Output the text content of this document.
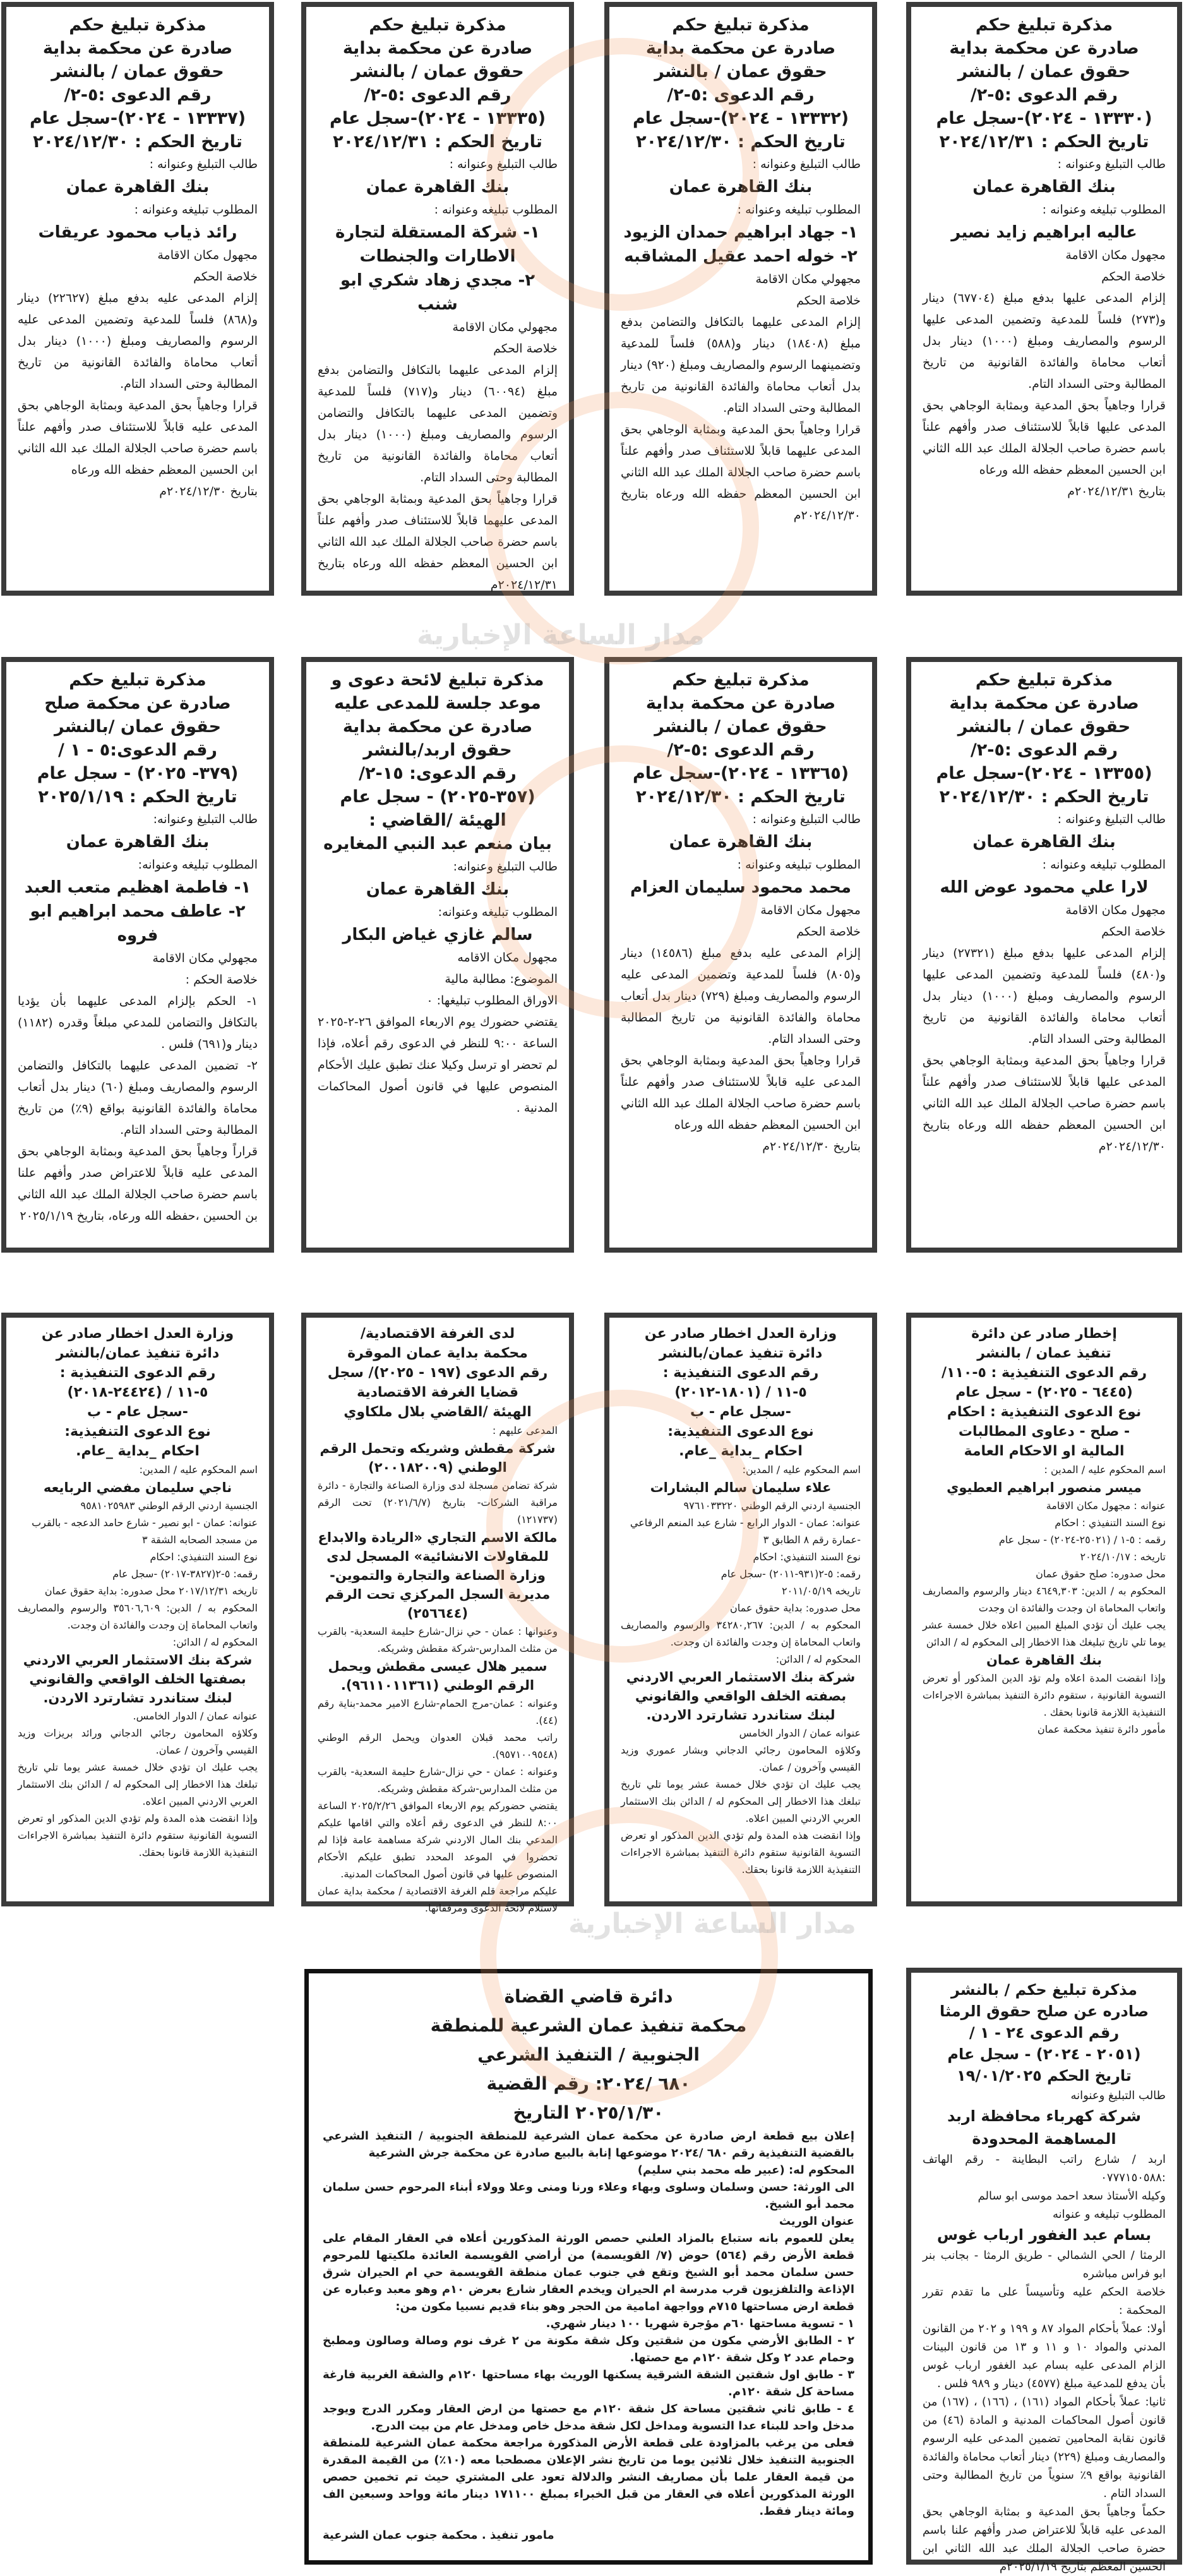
مذكرة تبليغ حكم
صادرة عن محكمة بداية
حقوق عمان / بالنشر
رقم الدعوى :٥-٢/
(١٣٣٣٠ - ٢٠٢٤)-سجل عام
تاريخ الحكم : ٢٠٢٤/١٢/٣١
طالب التبليغ وعنوانه :
بنك القاهرة عمان
المطلوب تبليغه وعنوانه :
عاليه ابراهيم زايد نصير
مجهول مكان الاقامة
خلاصة الحكم
إلزام المدعى عليها بدفع مبلغ (٦٧٧٠٤) دينار و(٢٧٣) فلساً للمدعية وتضمين المدعى عليها الرسوم والمصاريف ومبلغ (١٠٠٠) دينار بدل أتعاب محاماة والفائدة القانونية من تاريخ المطالبة وحتى السداد التام.
قرارا وجاهياً بحق المدعية وبمثابة الوجاهي بحق المدعى عليها قابلاً للاستئناف صدر وأفهم علناً باسم حضرة صاحب الجلالة الملك عبد الله الثاني ابن الحسين المعظم حفظه الله ورعاه
بتاريخ ٢٠٢٤/١٢/٣١م
مذكرة تبليغ حكم
صادرة عن محكمة بداية
حقوق عمان / بالنشر
رقم الدعوى :٥-٢/
(١٣٣٣٢ - ٢٠٢٤)-سجل عام
تاريخ الحكم : ٢٠٢٤/١٢/٣٠
طالب التبليغ وعنوانه :
بنك القاهرة عمان
المطلوب تبليغه وعنوانه :
١- جهاد ابراهيم حمدان الزيود
٢- خوله احمد عقيل المشاقبه
مجهولي مكان الاقامة
خلاصة الحكم
إلزام المدعى عليهما بالتكافل والتضامن بدفع مبلغ (١٨٤٠٨) دينار و(٥٨٨) فلساً للمدعية وتضمينهما الرسوم والمصاريف ومبلغ (٩٢٠) دينار بدل أتعاب محاماة والفائدة القانونية من تاريخ المطالبة وحتى السداد التام.
قرارا وجاهياً بحق المدعية وبمثابة الوجاهي بحق المدعى عليهما قابلاً للاستئناف صدر وأفهم علناً باسم حضرة صاحب الجلالة الملك عبد الله الثاني ابن الحسين المعظم حفظه الله ورعاه بتاريخ ٢٠٢٤/١٢/٣٠م
مذكرة تبليغ حكم
صادرة عن محكمة بداية
حقوق عمان / بالنشر
رقم الدعوى :٥-٢/
(١٣٣٣٥ - ٢٠٢٤)-سجل عام
تاريخ الحكم : ٢٠٢٤/١٢/٣١
طالب التبليغ وعنوانه :
بنك القاهرة عمان
المطلوب تبليغه وعنوانه :
١- شركة المستقلة لتجارة الاطارات والجنطات
٢- مجدي زهاد شكري ابو شنب
مجهولي مكان الاقامة
خلاصة الحكم
إلزام المدعى عليهما بالتكافل والتضامن بدفع مبلغ (٦٠٠٩٤) دينار و(٧١٧) فلساً للمدعية وتضمين المدعى عليهما بالتكافل والتضامن الرسوم والمصاريف ومبلغ (١٠٠٠) دينار بدل أتعاب محاماة والفائدة القانونية من تاريخ المطالبة وحتى السداد التام.
قرارا وجاهياً بحق المدعية وبمثابة الوجاهي بحق المدعى عليهما قابلاً للاستئناف صدر وأفهم علناً باسم حضرة صاحب الجلالة الملك عبد الله الثاني ابن الحسين المعظم حفظه الله ورعاه بتاريخ ٢٠٢٤/١٢/٣١م
مذكرة تبليغ حكم
صادرة عن محكمة بداية
حقوق عمان / بالنشر
رقم الدعوى :٥-٢/
(١٣٣٣٧ - ٢٠٢٤)-سجل عام
تاريخ الحكم : ٢٠٢٤/١٢/٣٠
طالب التبليغ وعنوانه :
بنك القاهرة عمان
المطلوب تبليغه وعنوانه :
رائد ذياب محمود عريقات
مجهول مكان الاقامة
خلاصة الحكم
إلزام المدعى عليه بدفع مبلغ (٢٢٦٢٧) دينار و(٨٦٨) فلساً للمدعية وتضمين المدعى عليه الرسوم والمصاريف ومبلغ (١٠٠٠) دينار بدل أتعاب محاماة والفائدة القانونية من تاريخ المطالبة وحتى السداد التام.
قرارا وجاهياً بحق المدعية وبمثابة الوجاهي بحق المدعى عليه قابلاً للاستئناف صدر وأفهم علناً باسم حضرة صاحب الجلالة الملك عبد الله الثاني ابن الحسين المعظم حفظه الله ورعاه
بتاريخ ٢٠٢٤/١٢/٣٠م
مذكرة تبليغ حكم
صادرة عن محكمة بداية
حقوق عمان / بالنشر
رقم الدعوى :٥-٢/
(١٣٣٥٥ - ٢٠٢٤)-سجل عام
تاريخ الحكم : ٢٠٢٤/١٢/٣٠
طالب التبليغ وعنوانه :
بنك القاهرة عمان
المطلوب تبليغه وعنوانه :
لارا علي محمود عوض الله
مجهول مكان الاقامة
خلاصة الحكم
إلزام المدعى عليها بدفع مبلغ (٢٧٣٢١) دينار و(٤٨٠) فلساً للمدعية وتضمين المدعى عليها الرسوم والمصاريف ومبلغ (١٠٠٠) دينار بدل أتعاب محاماة والفائدة القانونية من تاريخ المطالبة وحتى السداد التام.
قرارا وجاهياً بحق المدعية وبمثابة الوجاهي بحق المدعى عليها قابلاً للاستئناف صدر وأفهم علناً باسم حضرة صاحب الجلالة الملك عبد الله الثاني ابن الحسين المعظم حفظه الله ورعاه بتاريخ ٢٠٢٤/١٢/٣٠م
مذكرة تبليغ حكم
صادرة عن محكمة بداية
حقوق عمان / بالنشر
رقم الدعوى :٥-٢/
(١٣٣٦٥ - ٢٠٢٤)-سجل عام
تاريخ الحكم : ٢٠٢٤/١٢/٣٠
طالب التبليغ وعنوانه :
بنك القاهرة عمان
المطلوب تبليغه وعنوانه :
محمد محمود سليمان العزام
مجهول مكان الاقامة
خلاصة الحكم
إلزام المدعى عليه بدفع مبلغ (١٤٥٨٦) دينار و(٨٠٥) فلساً للمدعية وتضمين المدعى عليه الرسوم والمصاريف ومبلغ (٧٢٩) دينار بدل أتعاب محاماة والفائدة القانونية من تاريخ المطالبة وحتى السداد التام.
قرارا وجاهياً بحق المدعية وبمثابة الوجاهي بحق المدعى عليه قابلاً للاستئناف صدر وأفهم علناً باسم حضرة صاحب الجلالة الملك عبد الله الثاني ابن الحسين المعظم حفظه الله ورعاه
بتاريخ ٢٠٢٤/١٢/٣٠م
مذكرة تبليغ لائحة دعوى و
موعد جلسة للمدعى عليه
صادرة عن محكمة بداية
حقوق اربد/بالنشر
رقم الدعوى: ١٥-٢/
(٣٥٧-٢٠٢٥) - سجل عام
الهيئة /القاضي :
بيان منعم عبد النبي المغايره
طالب التبليغ وعنوانه:
بنك القاهرة عمان
المطلوب تبليغه وعنوانه:
سالم غازي غياض البكار
مجهول مكان الاقامه
الموضوع: مطالبة مالية
الاوراق المطلوب تبليغها: ٠
يقتضي حضورك يوم الاربعاء الموافق ٢٦-٢-٢٠٢٥ الساعة ٩:٠٠ للنظر في الدعوى رقم أعلاه، فإذا لم تحضر او ترسل وكيلا عنك تطبق عليك الأحكام المنصوص عليها في قانون أصول المحاكمات المدنية .
مذكرة تبليغ حكم
صادرة عن محكمة صلح
حقوق عمان /بالنشر
رقم الدعوى:٥ - ١ /
(٣٧٩- ٢٠٢٥) - سجل عام
تاريخ الحكم : ٢٠٢٥/١/١٩
طالب التبليغ وعنوانه:
بنك القاهرة عمان
المطلوب تبليغه وعنوانه:
١- فاطمة اهظيم متعب العبد
٢- عاطف محمد ابراهيم ابو فروه
مجهولي مكان الاقامة
خلاصة الحكم :
١- الحكم بإلزام المدعى عليهما بأن يؤديا بالتكافل والتضامن للمدعي مبلغاً وقدره (١١٨٢) دينار و(٦٩١) فلس .
٢- تضمين المدعى عليهما بالتكافل والتضامن الرسوم والمصاريف ومبلغ (٦٠) دينار بدل أتعاب محاماة والفائدة القانونية بواقع (٩٪) من تاريخ المطالبة وحتى السداد التام.
قراراً وجاهياً بحق المدعية وبمثابة الوجاهي بحق المدعى عليه قابلاً للاعتراض صدر وأفهم علنا باسم حضرة صاحب الجلالة الملك عبد الله الثاني بن الحسين ،حفظه الله ورعاه، بتاريخ ٢٠٢٥/١/١٩
إخطار صادر عن دائرة
تنفيذ عمان / بالنشر
رقم الدعوى التنفيذية : ٥-١١٠/
(٦٤٤٥ - ٢٠٢٥) - سجل عام
نوع الدعوى التنفيذية : احكام
- صلح - دعاوى المطالبات
المالية او الاحكام العامة
اسم المحكوم عليه / المدين :
ميسر منصور ابراهيم العطيوي
عنوانه : مجهول مكان الاقامة
نوع السند التنفيذي : احكام
رقمه : ٥-١ / (٢٥٠٢١-٢٠٢٤) - سجل عام
تاريخه : ٢٠٢٤/١٠/١٧
محل صدوره: صلح حقوق عمان
المحكوم به / الدين: ٤٦٤٩,٣٠٣ دينار والرسوم والمصاريف واتعاب المحاماة ان وجدت والفائدة ان وجدت
يجب عليك أن تؤدي المبلغ المبين اعلاه خلال خمسة عشر يوما تلي تاريخ تبليغك هذا الاخطار إلى المحكوم له / الدائن
بنك القاهرة عمان
وإذا انقضت المدة اعلاه ولم تؤد الدين المذكور أو تعرض التسوية القانونية ، ستقوم دائرة التنفيذ بمباشرة الاجراءات التنفيذية اللازمة قانونا بحقك .
مأمور دائرة تنفيذ محكمة عمان
وزارة العدل اخطار صادر عن
دائرة تنفيذ عمان/بالنشر
رقم الدعوى التنفيذية :
٥-١١ / (١٨٠١-٢٠١٢)
-سجل عام - ب
نوع الدعوى التنفيذية:
احكام _بداية _عام.
اسم المحكوم عليه / المدين:
علاء سليمان سالم البشارات
الجنسية اردني الرقم الوطني ٩٧٦١٠٣٣٢٢٠
عنوانه: عمان - الدوار الرابع - شارع عبد المنعم الرفاعي -عمارة رقم ٨ الطابق ٣
نوع السند التنفيذي: احكام
رقمه: ٥-٢(٩٣١-٢٠١١) -سجل عام
تاريخه ٢٠١١/٠٥/١٩
محل صدوره: بداية حقوق عمان
المحكوم به / الدين: ٣٤٢٨٠,٢٦٧ والرسوم والمصاريف واتعاب المحاماة إن وجدت والفائدة ان وجدت.
المحكوم له / الدائن:
شركة بنك الاستثمار العربي الاردني بصفته الخلف الواقعي والقانوني لبنك ستاندرد تشارترد الاردن.
عنوانه عمان / الدوار الخامس
وكلاؤه المحامون رجائي الدجاني وبشار عموري وزيد القيسي وآخرون / عمان.
يجب عليك ان تؤدي خلال خمسة عشر يوما تلي تاريخ تبلغك هذا الاخطار إلى المحكوم له / الدائن بنك الاستثمار العربي الاردني المبين اعلاه.
وإذا انقضت هذه المدة ولم تؤدي الدين المذكور او تعرض التسوية القانونية ستقوم دائرة التنفيذ بمباشرة الاجراءات التنفيذية اللازمة قانونا بحقك.
لدى الغرفة الاقتصادية/
محكمة بداية عمان الموقرة
رقم الدعوى (١٩٧ - ٢٠٢٥)/ سجل
قضايا الغرفة الاقتصادية
الهيئة /القاضي بلال ملكاوي
المدعى عليهم :
شركة مقطش وشريكه وتحمل الرقم الوطني (٢٠٠١٨٢٠٠٩)
شركة تضامن مسجلة لدى وزارة الصناعة والتجارة - دائرة مراقبة الشركات- بتاريخ (٢٠٢١/٦/٧) تحت الرقم (١٢١٧٣٧)
مالكة الاسم التجاري «الريادة والابداع للمقاولات الانشائية» المسجل لدى وزارة الصناعة والتجارة والتموين- مديرية السجل المركزي تحت الرقم (٢٥٦٦٤٤)
وعنوانها : عمان - حي نزال-شارع حليمة السعدية- بالقرب من مثلث المدارس-شركة مقطش وشريكه.
سمير هلال عيسى مقطش ويحمل الرقم الوطني (٩٦١١٠١١٣٦١).
وعنوانه : عمان-مرج الحمام-شارع الامير محمد-بناية رقم (٤٤).
راتب محمد قبلان العدوان ويحمل الرقم الوطني (٩٥٧١٠٠٩٥٤٨).
وعنوانه : عمان - حي نزال-شارع حليمة السعدية- بالقرب من مثلث المدارس-شركة مقطش وشريكه.
يقتضي حضوركم يوم الاربعاء الموافق ٢٠٢٥/٢/٢٦ الساعة ٨:٠٠ للنظر في الدعوى رقم أعلاه والتي اقامها عليكم المدعي بنك المال الاردني شركة مساهمة عامة فإذا لم تحضروا في الموعد المحدد تطبق عليكم الأحكام المنصوص عليها في قانون أصول المحاكمات المدنية.
عليكم مراجعة قلم الغرفة الاقتصادية / محكمة بداية عمان لاستلام لائحة الدعوى ومرفقاتها.
وزارة العدل اخطار صادر عن
دائرة تنفيذ عمان/بالنشر
رقم الدعوى التنفيذية :
٥-١١ / (٢٤٤٢٤-٢٠١٨)
-سجل عام - ب
نوع الدعوى التنفيذية:
احكام _بداية _عام.
اسم المحكوم عليه / المدين:
ناجي سليمان مفضي الربايعه
الجنسية اردني الرقم الوطني ٩٥٨١٠٢٥٩٨٣
عنوانه: عمان - ابو نصير - شارع حامد الدعجه - بالقرب من مسجد الصحابه الشقة ٣
نوع السند التنفيذي: احكام
رقمه: ٥-٢(٣٨٢٧-٢٠١٧) -سجل عام
تاريخه ٢٠١٧/١٢/٣١ محل صدوره: بداية حقوق عمان
المحكوم به / الدين: ٣٥٦٠٦,٦٠٩ والرسوم والمصاريف واتعاب المحاماة إن وجدت والفائدة ان وجدت.
المحكوم له / الدائن:
شركة بنك الاستثمار العربي الاردني بصفتها الخلف الواقعي والقانوني لبنك ستاندرد تشارترد الاردن.
عنوانه عمان / الدوار الخامس.
وكلاؤه المحامون رجائي الدجاني ورائد بريزات وزيد القيسي وآخرون / عمان.
يجب عليك ان تؤدي خلال خمسة عشر يوما تلي تاريخ تبلغك هذا الاخطار إلى المحكوم له / الدائن بنك الاستثمار العربي الاردني المبين اعلاه.
وإذا انقضت هذه المدة ولم تؤدي الدين المذكور او تعرض التسوية القانونية ستقوم دائرة التنفيذ بمباشرة الاجراءات التنفيذية اللازمة قانونا بحقك.
مذكرة تبليغ حكم / بالنشر
صادره عن صلح حقوق الرمثا
رقم الدعوى ٢٤ - ١ /
(٢٠٥١ - ٢٠٢٤) - سجل عام
تاريخ الحكم ١٩/٠١/٢٠٢٥
طالب التبليغ وعنوانه
شركة كهرباء محافظة اربد المساهمة المحدودة
اربد / شارع راتب البطاينة - رقم الهاتف :٠٧٧٧١٥٠٥٨٨
وكيله الأستاذ سعد احمد موسى ابو سالم
المطلوب تبليغه و عنوانه
بسام عبد الغفور ارباب غوس
الرمثا / الحي الشمالي - طريق الرمثا - بجانب بنر ابو فراس مباشره
خلاصة الحكم عليه وتأسيساً على ما تقدم تقرر المحكمة :
أولا: عملاً بأحكام المواد ٨٧ و ١٩٩ و ٢٠٢ من القانون المدني والمواد ١٠ و ١١ و ١٣ من قانون البينات الزام المدعى عليه بسام عبد الغفور ارباب غوس بأن يدفع للمدعية مبلغ (٤٥٧٧) دينار و ٩٨٩ فلس .
ثانيا: عملاً بأحكام المواد (١٦١) ، (١٦٦) ، (١٦٧) من قانون أصول المحاكمات المدنية و المادة (٤٦) من قانون نقابة المحامين تضمين المدعى عليه الرسوم والمصاريف ومبلغ (٢٢٩) دينار أتعاب محاماة والفائدة القانونية بواقع ٩٪ سنوياً من تاريخ المطالبة وحتى السداد التام .
حكماً وجاهياً بحق المدعية و بمثابة الوجاهي بحق المدعى عليه قابلاً للاعتراض صدر وأفهم علنا باسم حضرة صاحب الجلالة الملك عبد الله الثاني ابن الحسين المعظم بتاريخ ٢٠٢٥/١/١٩م
دائرة قاضي القضاة
محكمة تنفيذ عمان الشرعية للمنطقة
الجنوبية / التنفيذ الشرعي
٦٨٠ /٢٠٢٤: رقم القضية
٢٠٢٥/١/٣٠ التاريخ
إعلان بيع قطعة ارض صادرة عن محكمة عمان الشرعية للمنطقة الجنوبية / التنفيذ الشرعي بالقضية التنفيذية رقم ٦٨٠ /٢٠٢٤ موضوعها إنابة بالبيع صادرة عن محكمة جرش الشرعية
المحكوم له: (عبير طه محمد بني سليم)
الى الورثة: حسن وسلمان وسلوى وبهاء وعلاء ورنا ومنى وعلا وولاء أبناء المرحوم حسن سلمان محمد أبو الشيخ.
عنوان الوريث
يعلن للعموم بانه ستباع بالمزاد العلني حصص الورثة المذكورين أعلاه في العقار المقام على قطعة الأرض رقم (٥٦٤) حوض (٧/ القويسمة) من أراضي القويسمة العائدة ملكيتها للمرحوم حسن سلمان محمد أبو الشيخ وتقع في جنوب عمان منطقة القويسمة حي ام الحيران شرق الإذاعة والتلفزيون قرب مدرسة ام الحيران ويخدم العقار شارع بعرض ١٠م وهو معبد وعباره عن قطعة ارض مساحتها ٧١٥م وواجهة امامية من الحجر وهو بناء قديم نسبيا مكون من:
١ - تسوية مساحتها ٦٠م مؤجرة شهريا ١٠٠ دينار شهري.
٢ - الطابق الأرضي مكون من شقتين وكل شقة مكونة من ٢ غرف نوم وصالة وصالون ومطبخ وحمام عدد ٢ وكل شقة ١٢٠م مع حصتها.
٣ - طابق اول شقتين الشقة الشرقية يسكنها الوريث بهاء مساحتها ١٢٠م والشقة الغربية فارغة مساحة كل شقة ١٢٠م.
٤ - طابق ثاني شقتين مساحة كل شقة ١٢٠م مع حصتها من ارض العقار ومكرر الدرج ويوجد مدخل واحد للبناء عدا التسوية ومداخل لكل شقة مدخل خاص ومدخل عام من بيت الدرج.
فعلى من يرغب بالمزاودة على قطعة الأرض المذكورة مراجعة محكمة عمان الشرعية للمنطقة الجنوبية التنفيذ خلال ثلاثين يوما من تاريخ نشر الإعلان مصطحبا معه (١٠٪) من القيمة المقدرة من قيمة العقار علما بأن مصاريف النشر والدلالة تعود على المشتري حيث تم تخمين حصص الورثة المذكورين أعلاه في العقار من قبل الخبراء بمبلغ ١٧١١٠٠ دينار مائة وواحد وسبعين الف ومائة دينار فقط.
مامور تنفيذ . محكمة جنوب عمان الشرعية
مدار الساعة الإخبارية
مدار الساعة الإخبارية
